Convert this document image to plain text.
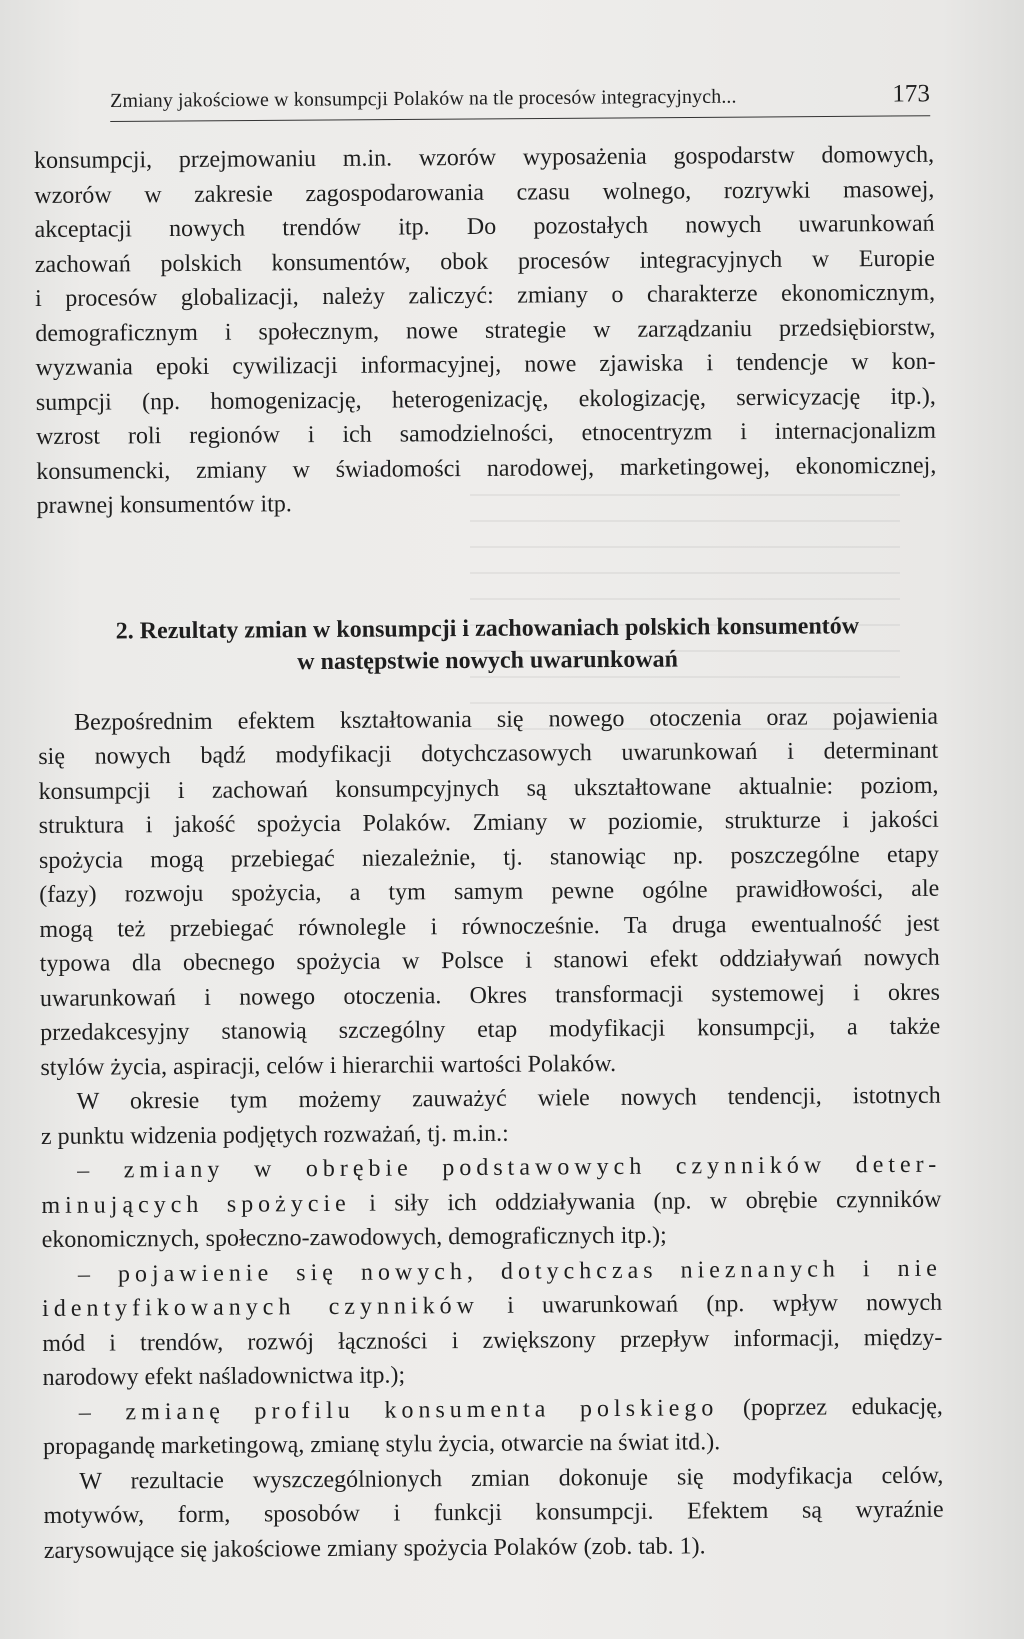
Zmiany jakościowe w konsumpcji Polaków na tle procesów integracyjnych...	173
konsumpcji, przejmowaniu m.in. wzorów wyposażenia gospodarstw domowych,
wzorów w zakresie zagospodarowania czasu wolnego, rozrywki masowej,
akceptacji nowych trendów itp. Do pozostałych nowych uwarunkowań
zachowań polskich konsumentów, obok procesów integracyjnych w Europie
i procesów globalizacji, należy zaliczyć: zmiany o charakterze ekonomicznym,
demograficznym i społecznym, nowe strategie w zarządzaniu przedsiębiorstw,
wyzwania epoki cywilizacji informacyjnej, nowe zjawiska i tendencje w kon-
sumpcji (np. homogenizację, heterogenizację, ekologizację, serwicyzację itp.),
wzrost roli regionów i ich samodzielności, etnocentryzm i internacjonalizm
konsumencki, zmiany w świadomości narodowej, marketingowej, ekonomicznej,
prawnej konsumentów itp.
2. Rezultaty zmian w konsumpcji i zachowaniach polskich konsumentów
w następstwie nowych uwarunkowań
Bezpośrednim efektem kształtowania się nowego otoczenia oraz pojawienia
się nowych bądź modyfikacji dotychczasowych uwarunkowań i determinant
konsumpcji i zachowań konsumpcyjnych są ukształtowane aktualnie: poziom,
struktura i jakość spożycia Polaków. Zmiany w poziomie, strukturze i jakości
spożycia mogą przebiegać niezależnie, tj. stanowiąc np. poszczególne etapy
(fazy) rozwoju spożycia, a tym samym pewne ogólne prawidłowości, ale
mogą też przebiegać równolegle i równocześnie. Ta druga ewentualność jest
typowa dla obecnego spożycia w Polsce i stanowi efekt oddziaływań nowych
uwarunkowań i nowego otoczenia. Okres transformacji systemowej i okres
przedakcesyjny stanowią szczególny etap modyfikacji konsumpcji, a także
stylów życia, aspiracji, celów i hierarchii wartości Polaków.
W okresie tym możemy zauważyć wiele nowych tendencji, istotnych
z punktu widzenia podjętych rozważań, tj. m.in.:
– zmiany w obrębie podstawowych czynników deter-
minujących spożycie i siły ich oddziaływania (np. w obrębie czynników
ekonomicznych, społeczno-zawodowych, demograficznych itp.);
– pojawienie się nowych, dotychczas nieznanych i nie
identyfikowanych czynników i uwarunkowań (np. wpływ nowych
mód i trendów, rozwój łączności i zwiększony przepływ informacji, między-
narodowy efekt naśladownictwa itp.);
– zmianę profilu konsumenta polskiego (poprzez edukację,
propagandę marketingową, zmianę stylu życia, otwarcie na świat itd.).
W rezultacie wyszczególnionych zmian dokonuje się modyfikacja celów,
motywów, form, sposobów i funkcji konsumpcji. Efektem są wyraźnie
zarysowujące się jakościowe zmiany spożycia Polaków (zob. tab. 1).
